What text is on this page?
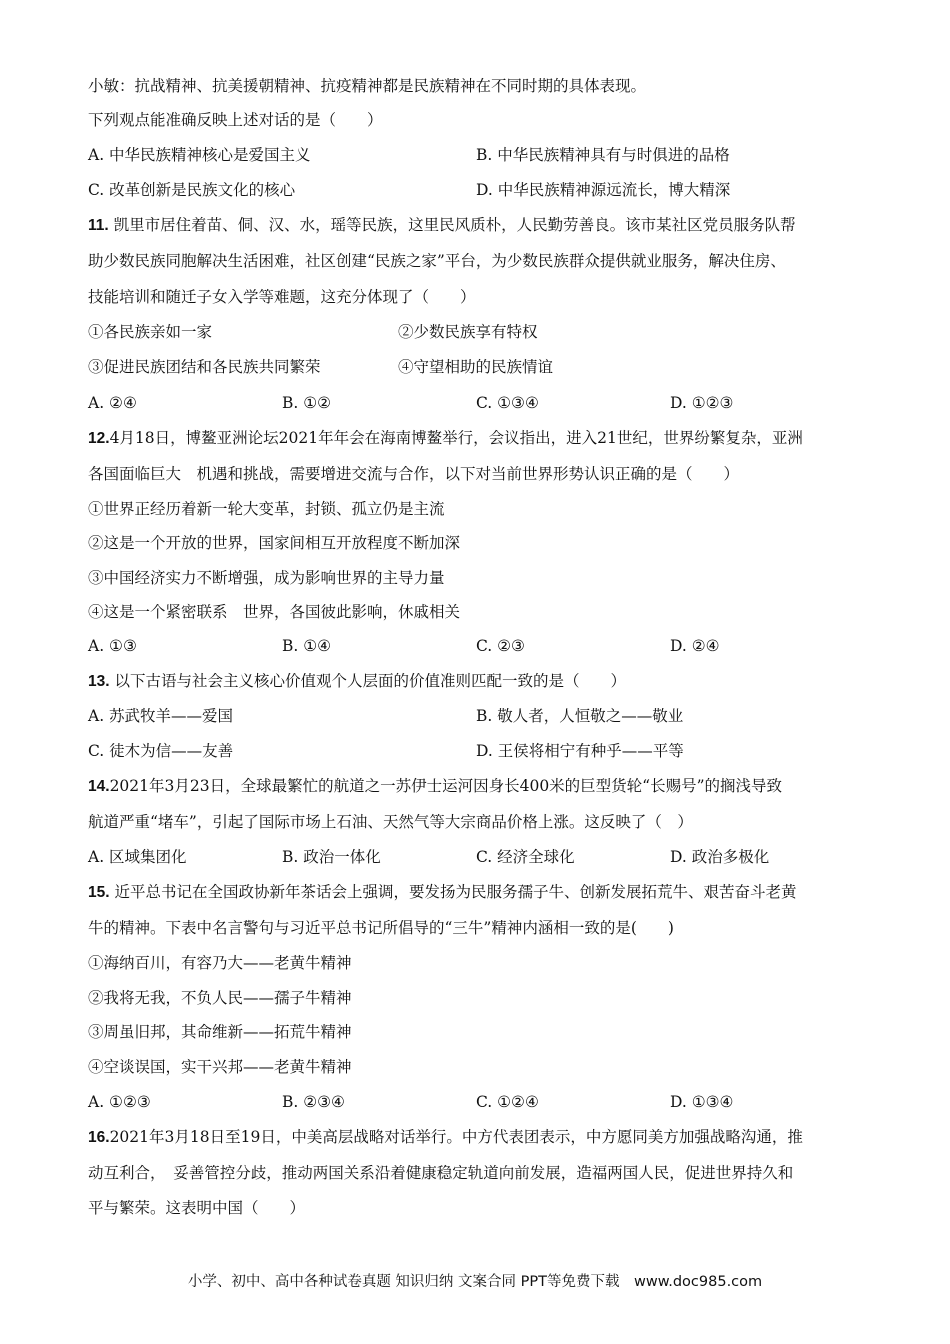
小敏：抗战精神、抗美援朝精神、抗疫精神都是民族精神在不同时期的具体表现。
下列观点能准确反映上述对话的是（　　）
A. 中华民族精神核心是爱国主义	B. 中华民族精神具有与时俱进的品格
C. 改革创新是民族文化的核心	D. 中华民族精神源远流长，博大精深
11. 凯里市居住着苗、侗、汉、水，瑶等民族，这里民风质朴，人民勤劳善良。该市某社区党员服务队帮
助少数民族同胞解决生活困难，社区创建“民族之家”平台，为少数民族群众提供就业服务，解决住房、
技能培训和随迁子女入学等难题，这充分体现了（　　）
①各民族亲如一家	②少数民族享有特权
③促进民族团结和各民族共同繁荣	④守望相助的民族情谊
A. ②④	B. ①②	C. ①③④	D. ①②③
12.4月18日，博鳌亚洲论坛2021年年会在海南博鳌举行，会议指出，进入21世纪，世界纷繁复杂，亚洲
各国面临巨大　机遇和挑战，需要增进交流与合作，以下对当前世界形势认识正确的是（　　）
①世界正经历着新一轮大变革，封锁、孤立仍是主流
②这是一个开放的世界，国家间相互开放程度不断加深
③中国经济实力不断增强，成为影响世界的主导力量
④这是一个紧密联系　世界，各国彼此影响，休戚相关
A. ①③	B. ①④	C. ②③	D. ②④
13. 以下古语与社会主义核心价值观个人层面的价值准则匹配一致的是（　　）
A. 苏武牧羊——爱国	B. 敬人者，人恒敬之——敬业
C. 徒木为信——友善	D. 王侯将相宁有种乎——平等
14.2021年3月23日，全球最繁忙的航道之一苏伊士运河因身长400米的巨型货轮“长赐号”的搁浅导致
航道严重“堵车”，引起了国际市场上石油、天然气等大宗商品价格上涨。这反映了（　）
A. 区域集团化	B. 政治一体化	C. 经济全球化	D. 政治多极化
15. 近平总书记在全国政协新年茶话会上强调，要发扬为民服务孺子牛、创新发展拓荒牛、艰苦奋斗老黄
牛的精神。下表中名言警句与习近平总书记所倡导的“三牛”精神内涵相一致的是(　　)
①海纳百川，有容乃大——老黄牛精神
②我将无我，不负人民——孺子牛精神
③周虽旧邦，其命维新——拓荒牛精神
④空谈误国，实干兴邦——老黄牛精神
A. ①②③	B. ②③④	C. ①②④	D. ①③④
16.2021年3月18日至19日，中美高层战略对话举行。中方代表团表示，中方愿同美方加强战略沟通，推
动互利合，　妥善管控分歧，推动两国关系沿着健康稳定轨道向前发展，造福两国人民，促进世界持久和
平与繁荣。这表明中国（　　）
小学、初中、高中各种试卷真题 知识归纳 文案合同 PPT等免费下载　www.doc985.com
